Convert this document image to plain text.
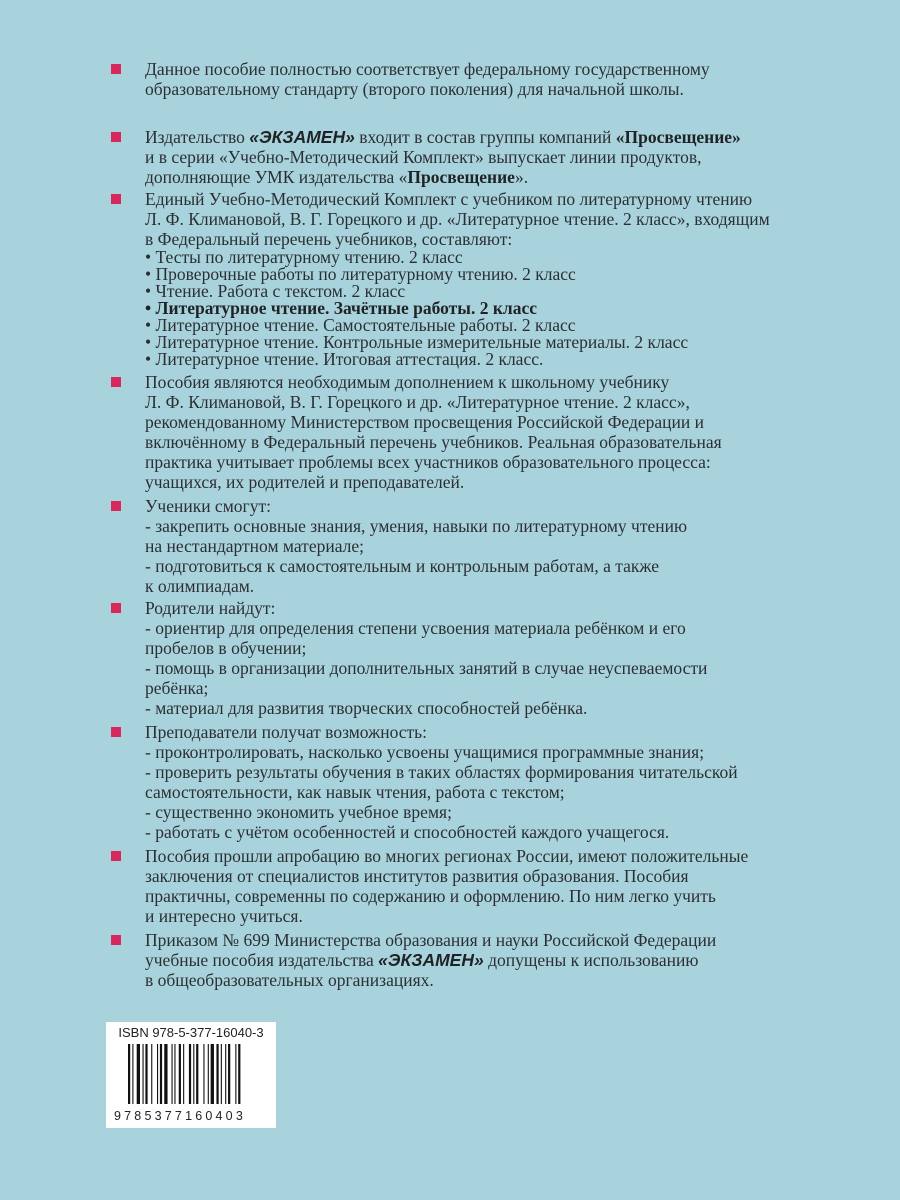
Данное пособие полностью соответствует федеральному государственному
образовательному стандарту (второго поколения) для начальной школы.
Издательство «ЭКЗАМЕН» входит в состав группы компаний «Просвещение»
и в серии «Учебно-Методический Комплект» выпускает линии продуктов,
дополняющие УМК издательства «Просвещение».
Единый Учебно-Методический Комплект с учебником по литературному чтению
Л. Ф. Климановой, В. Г. Горецкого и др. «Литературное чтение. 2 класс», входящим
в Федеральный перечень учебников, составляют:
• Тесты по литературному чтению. 2 класс
• Проверочные работы по литературному чтению. 2 класс
• Чтение. Работа с текстом. 2 класс
• Литературное чтение. Зачётные работы. 2 класс
• Литературное чтение. Самостоятельные работы. 2 класс
• Литературное чтение. Контрольные измерительные материалы. 2 класс
• Литературное чтение. Итоговая аттестация. 2 класс.
Пособия являются необходимым дополнением к школьному учебнику
Л. Ф. Климановой, В. Г. Горецкого и др. «Литературное чтение. 2 класс»,
рекомендованному Министерством просвещения Российской Федерации и
включённому в Федеральный перечень учебников. Реальная образовательная
практика учитывает проблемы всех участников образовательного процесса:
учащихся, их родителей и преподавателей.
Ученики смогут:
- закрепить основные знания, умения, навыки по литературному чтению
на нестандартном материале;
- подготовиться к самостоятельным и контрольным работам, а также
к олимпиадам.
Родители найдут:
- ориентир для определения степени усвоения материала ребёнком и его
пробелов в обучении;
- помощь в организации дополнительных занятий в случае неуспеваемости
ребёнка;
- материал для развития творческих способностей ребёнка.
Преподаватели получат возможность:
- проконтролировать, насколько усвоены учащимися программные знания;
- проверить результаты обучения в таких областях формирования читательской
самостоятельности, как навык чтения, работа с текстом;
- существенно экономить учебное время;
- работать с учётом особенностей и способностей каждого учащегося.
Пособия прошли апробацию во многих регионах России, имеют положительные
заключения от специалистов институтов развития образования. Пособия
практичны, современны по содержанию и оформлению. По ним легко учить
и интересно учиться.
Приказом № 699 Министерства образования и науки Российской Федерации
учебные пособия издательства «ЭКЗАМЕН» допущены к использованию
в общеобразовательных организациях.
ISBN 978-5-377-16040-3
9785377160403
